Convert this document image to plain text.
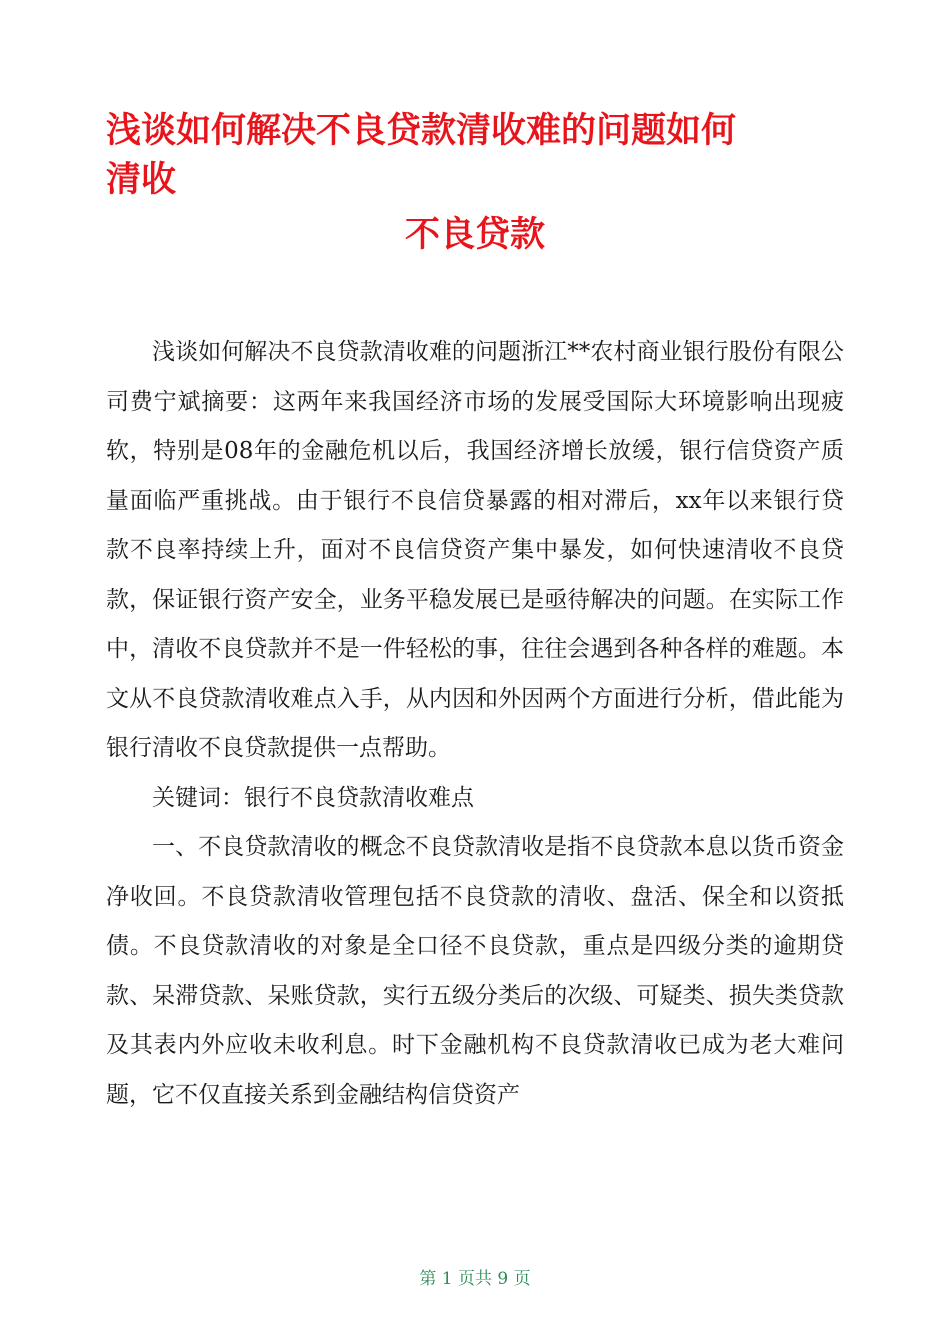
浅谈如何解决不良贷款清收难的问题如何
清收
不良贷款

浅谈如何解决不良贷款清收难的问题浙江**农村商业银行股份有限公司费宁斌摘要：这两年来我国经济市场的发展受国际大环境影响出现疲软，特别是08年的金融危机以后，我国经济增长放缓，银行信贷资产质量面临严重挑战。由于银行不良信贷暴露的相对滞后，xx年以来银行贷款不良率持续上升，面对不良信贷资产集中暴发，如何快速清收不良贷款，保证银行资产安全，业务平稳发展已是亟待解决的问题。在实际工作中，清收不良贷款并不是一件轻松的事，往往会遇到各种各样的难题。本文从不良贷款清收难点入手，从内因和外因两个方面进行分析，借此能为银行清收不良贷款提供一点帮助。

关键词：银行不良贷款清收难点

一、不良贷款清收的概念不良贷款清收是指不良贷款本息以货币资金净收回。不良贷款清收管理包括不良贷款的清收、盘活、保全和以资抵债。不良贷款清收的对象是全口径不良贷款，重点是四级分类的逾期贷款、呆滞贷款、呆账贷款，实行五级分类后的次级、可疑类、损失类贷款及其表内外应收未收利息。时下金融机构不良贷款清收已成为老大难问题，它不仅直接关系到金融结构信贷资产

第 1 页共 9 页
